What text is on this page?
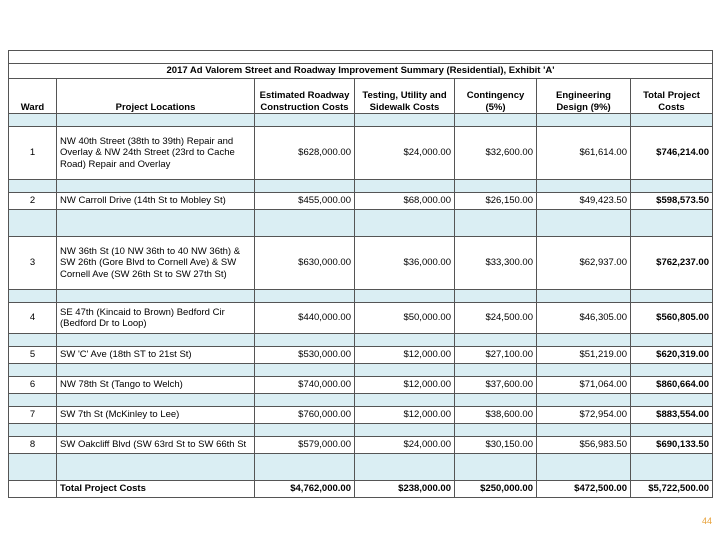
2017 Ad Valorem Street and Roadway Improvement Summary (Residential), Exhibit 'A'						
Ward	Project Locations	Estimated Roadway Construction Costs	Testing, Utility and Sidewalk Costs	Contingency (5%)	Engineering Design (9%)	Total Project Costs

1	NW 40th Street (38th to 39th) Repair and Overlay & NW 24th Street (23rd to Cache Road) Repair and Overlay	$628,000.00	$24,000.00	$32,600.00	$61,614.00	$746,214.00

2	NW Carroll Drive (14th St to Mobley St)	$455,000.00	$68,000.00	$26,150.00	$49,423.50	$598,573.50

3	NW 36th St (10 NW 36th to 40 NW 36th) & SW 26th (Gore Blvd to Cornell Ave) & SW Cornell Ave (SW 26th St to SW 27th St)	$630,000.00	$36,000.00	$33,300.00	$62,937.00	$762,237.00

4	SE 47th (Kincaid to Brown) Bedford Cir (Bedford Dr to Loop)	$440,000.00	$50,000.00	$24,500.00	$46,305.00	$560,805.00

5	SW 'C' Ave (18th ST to 21st St)	$530,000.00	$12,000.00	$27,100.00	$51,219.00	$620,319.00

6	NW 78th St (Tango to Welch)	$740,000.00	$12,000.00	$37,600.00	$71,064.00	$860,664.00

7	SW 7th St (McKinley to Lee)	$760,000.00	$12,000.00	$38,600.00	$72,954.00	$883,554.00

8	SW Oakcliff Blvd (SW 63rd St to SW 66th St	$579,000.00	$24,000.00	$30,150.00	$56,983.50	$690,133.50

	Total Project Costs	$4,762,000.00	$238,000.00	$250,000.00	$472,500.00	$5,722,500.00
44
